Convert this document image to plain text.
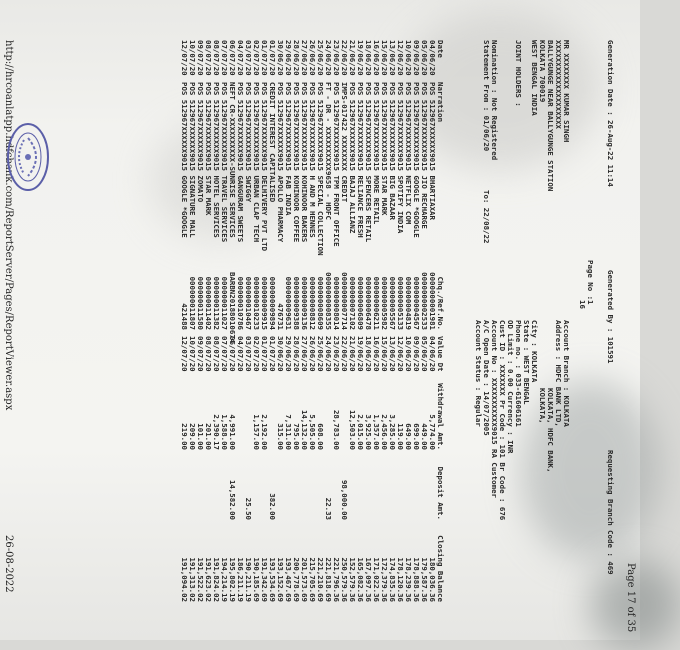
Page 17 of 35
Generation Date : 26-Aug-22 11:14
Generated By : 101591
Requesting Branch Code : 469
Page No :1
16
MR XXXXXXXX KUMAR SINGH
XXXXXXXXXXXXXXXXXXXX
BALLYGUNGE NEAR BALLYGUNGE STATION
KOLKATA 700019
WEST BENGAL INDIA
JOINT HOLDERS :
Nomination : Not Registered
Statement From : 01/06/20
To: 22/08/22
Account Branch : KOLKATA
Address : HDFC BANK LTD,
KOLKATA, HDFC BANK,
KOLKATA,
City : KOLKATA
State : WEST BENGAL
Phone no. : 033-61606161
OD Limit : 0.00 Currency : INR
Cust ID : XXXXXXX Pr Code : 101 Br Code : 676
Account No : XXXXXXXXXXX9015 RA Customer
A/C Open Date : 14/07/2005
Account Status : Regular
Date
Narration
Chq./Ref.No.
Value Dt
Withdrawal Amt.
Deposit Amt.
Closing Balance
04/06/20
POS 512967XXXXXX9015 BHARTIAXAR
0000000001981
04/06/20
5,774.00
180,036.36
05/06/20
POS 512967XXXXXX9015 JIO RECHARGE
0000000002533
05/06/20
449.00
179,587.36
09/06/20
POS 512967XXXXXX9015 GOOGLE *GOOGLE
000000004567
09/06/20
699.00
178,888.36
10/06/20
POS 512967XXXXXX9015 NETFLIX COM
000000004819
10/06/20
649.00
178,239.36
12/06/20
POS 512967XXXXXX9015 SPOTIFY INDIA
000000005133
12/06/20
119.00
178,120.36
13/06/20
POS 512967XXXXXX9015 BIG BAZAAR
000000005567
13/06/20
3,285.00
174,835.36
15/06/20
POS 512967XXXXXX9015 STAR MARK
000000005982
15/06/20
2,456.00
172,379.36
16/06/20
POS 512967XXXXXX9015 MORE RETAIL
000000006211
16/06/20
1,357.00
171,022.36
18/06/20
POS 512967XXXXXX9015 SPENCERS RETAIL
000000006478
18/06/20
3,925.00
167,097.36
19/06/20
POS 512967XXXXXX9015 RELIANCE FRESH
000000006809
19/06/20
2,015.00
165,082.36
21/06/20
POS 512967XXXXXX9015 BAJAJ ALLIANZ
000000007102
21/06/20
12,503.00
152,579.36
22/06/20
IMPS-017422 XXXXXXXX CREDIT
0000000007714
22/06/20
98,000.00
250,579.36
23/06/20
POS 512967XXXXXX9015 TPM FRONT OFFICE
000000008014
23/06/20
28,783.00
221,796.36
24/06/20
FT - DR - XXXXXXXXXX9658 - HDFC
0000000008355
24/06/20
22.33
221,818.69
25/06/20
POS 512967XXXXXX9015 SPECIAL COLLECTION
000000008609
25/06/20
608.00
221,210.69
26/06/20
POS 512967XXXXXX9015 H AND M HENNES
000000008812
26/06/20
5,505.00
215,705.69
27/06/20
POS 512967XXXXXX9015 KOHINOOR BAKERS
000000009136
27/06/20
14,132.00
201,573.69
28/06/20
POS 512967XXXXXX9015 KOHINOOR COFFEE
000000009388
28/06/20
795.00
200,778.69
29/06/20
POS 512967XXXXXX9015 FAB INDIA
000000009631
29/06/20
7,311.00
193,467.69
30/06/20
POS 512967XXXXXX9015 APOLLO PHARMACY
476731
30/06/20
315.00
193,152.69
01/07/20
CREDIT INTEREST CAPITALISED
000000009894
01/07/20
382.00
193,534.69
01/07/20
POS 512967XXXXXX9015 DELHIVERY PVT LTD
000000009915
01/07/20
2,192.00
191,342.69
02/07/20
POS 512967XXXXXX9015 URBAN CLAP TECH
000000010233
02/07/20
1,157.00
190,185.69
03/07/20
POS 512967XXXXXX9015 SWIGGY
000000010467
03/07/20
25.50
190,211.19
04/07/20
POS 512967XXXXXX9015 GANGURAM SWEETS
000000010786
04/07/20
186,211.19
06/07/20
NEFT CR-XXXXXXXXXX-SUNRISE SERVICES
BARBN20188010674
06/07/20
4,991.00
14,582.00
195,802.19
07/07/20
POS 512967XXXXXX9015 TRAVEL SERVICES
000000011027
07/07/20
1,588.00
194,214.19
08/07/20
POS 512967XXXXXX9015 HOTEL SERVICES
000000011382
08/07/20
2,390.17
191,824.02
08/07/20
POS 512967XXXXXX9015 STAR MARK
000000011402
08/07/20
201.00
191,623.02
09/07/20
POS 512967XXXXXX9015 ZOMATO
000000011580
09/07/20
101.00
191,522.02
10/07/20
POS 512967XXXXXX9015 SIGNATURE MALL
000000011807
10/07/20
209.00
191,313.02
12/07/20
POS 512967XXXXXX9015 GOOGLE *GOOGLE
421488
12/07/20
219.00
191,094.02
http://hrcoanlatpp.hdfcbank.com/ReportServer/Pages/ReportViewer.aspx
26-08-2022
